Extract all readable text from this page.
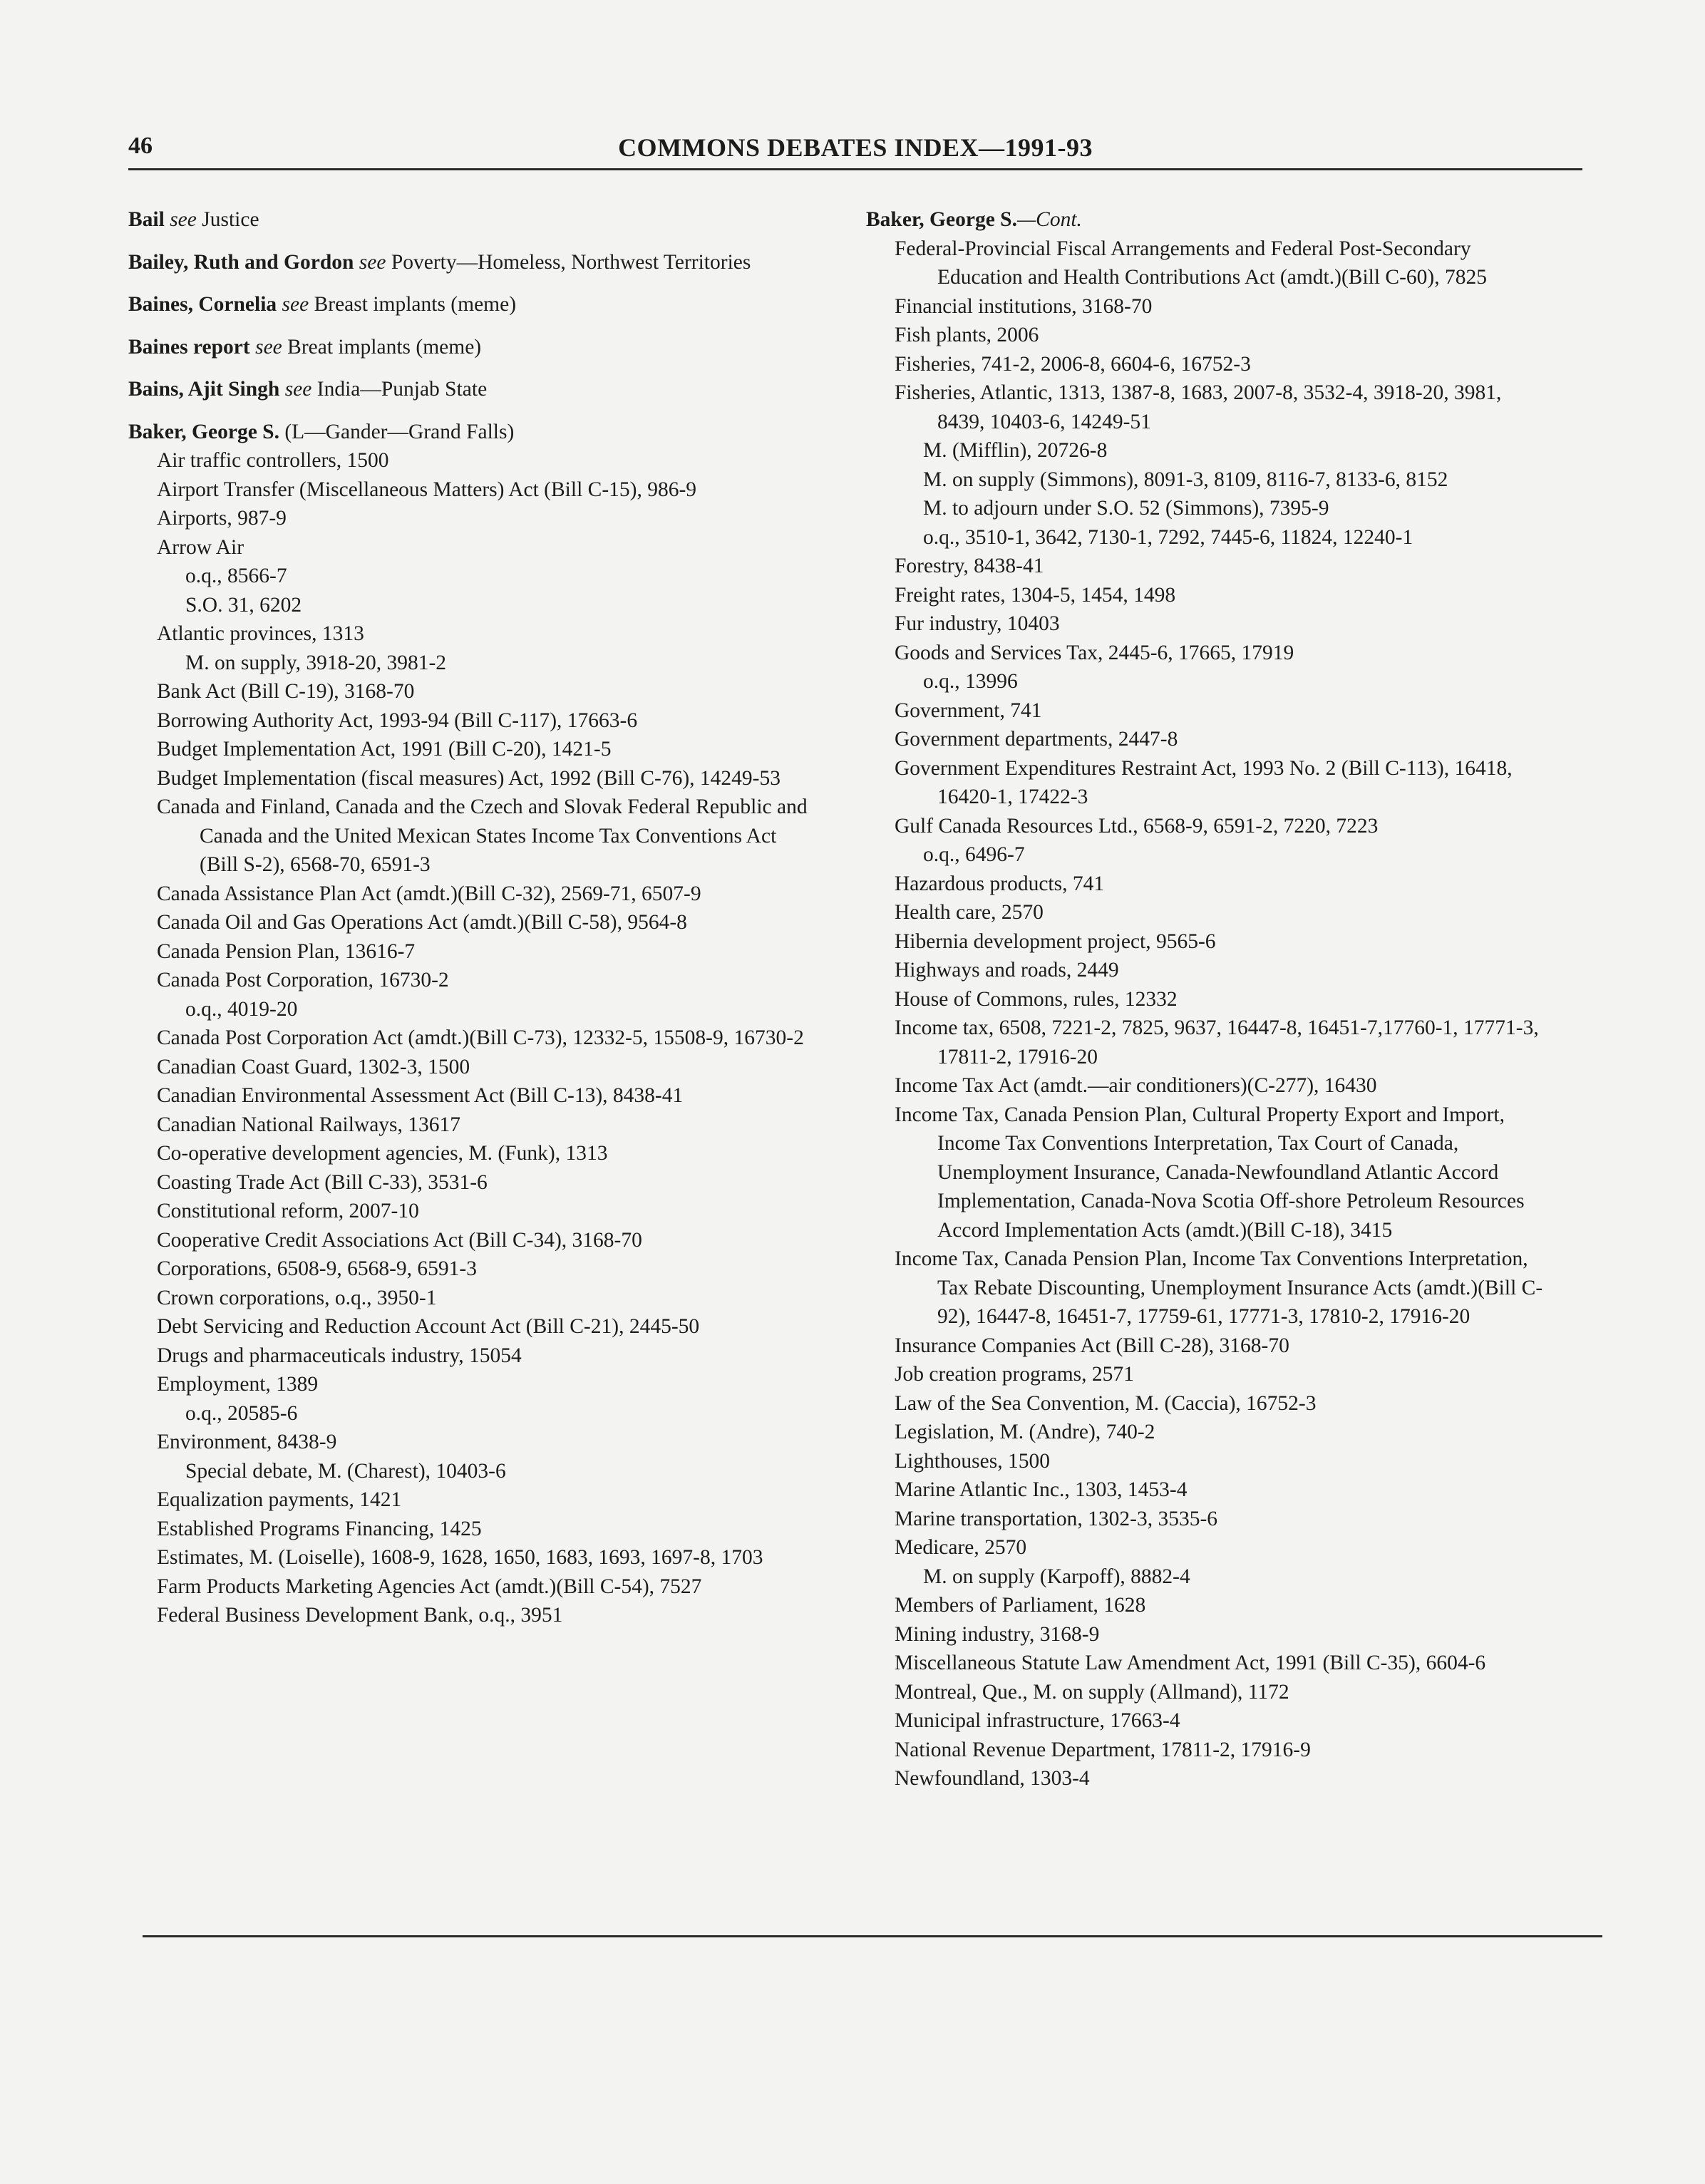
46	COMMONS DEBATES INDEX—1991-93

Bail see Justice

Bailey, Ruth and Gordon see Poverty—Homeless, Northwest Territories

Baines, Cornelia see Breast implants (meme)

Baines report see Breat implants (meme)

Bains, Ajit Singh see India—Punjab State

Baker, George S. (L—Gander—Grand Falls)

Air traffic controllers, 1500

Airport Transfer (Miscellaneous Matters) Act (Bill C-15), 986-9

Airports, 987-9

Arrow Air

o.q., 8566-7

S.O. 31, 6202

Atlantic provinces, 1313

M. on supply, 3918-20, 3981-2

Bank Act (Bill C-19), 3168-70

Borrowing Authority Act, 1993-94 (Bill C-117), 17663-6

Budget Implementation Act, 1991 (Bill C-20), 1421-5

Budget Implementation (fiscal measures) Act, 1992 (Bill C-76), 14249-53

Canada and Finland, Canada and the Czech and Slovak Federal Republic and Canada and the United Mexican States Income Tax Conventions Act (Bill S-2), 6568-70, 6591-3

Canada Assistance Plan Act (amdt.)(Bill C-32), 2569-71, 6507-9

Canada Oil and Gas Operations Act (amdt.)(Bill C-58), 9564-8

Canada Pension Plan, 13616-7

Canada Post Corporation, 16730-2

o.q., 4019-20

Canada Post Corporation Act (amdt.)(Bill C-73), 12332-5, 15508-9, 16730-2

Canadian Coast Guard, 1302-3, 1500

Canadian Environmental Assessment Act (Bill C-13), 8438-41

Canadian National Railways, 13617

Co-operative development agencies, M. (Funk), 1313

Coasting Trade Act (Bill C-33), 3531-6

Constitutional reform, 2007-10

Cooperative Credit Associations Act (Bill C-34), 3168-70

Corporations, 6508-9, 6568-9, 6591-3

Crown corporations, o.q., 3950-1

Debt Servicing and Reduction Account Act (Bill C-21), 2445-50

Drugs and pharmaceuticals industry, 15054

Employment, 1389

o.q., 20585-6

Environment, 8438-9

Special debate, M. (Charest), 10403-6

Equalization payments, 1421

Established Programs Financing, 1425

Estimates, M. (Loiselle), 1608-9, 1628, 1650, 1683, 1693, 1697-8, 1703

Farm Products Marketing Agencies Act (amdt.)(Bill C-54), 7527

Federal Business Development Bank, o.q., 3951

Baker, George S.—Cont.

Federal-Provincial Fiscal Arrangements and Federal Post-Secondary Education and Health Contributions Act (amdt.)(Bill C-60), 7825

Financial institutions, 3168-70

Fish plants, 2006

Fisheries, 741-2, 2006-8, 6604-6, 16752-3

Fisheries, Atlantic, 1313, 1387-8, 1683, 2007-8, 3532-4, 3918-20, 3981, 8439, 10403-6, 14249-51

M. (Mifflin), 20726-8

M. on supply (Simmons), 8091-3, 8109, 8116-7, 8133-6, 8152

M. to adjourn under S.O. 52 (Simmons), 7395-9

o.q., 3510-1, 3642, 7130-1, 7292, 7445-6, 11824, 12240-1

Forestry, 8438-41

Freight rates, 1304-5, 1454, 1498

Fur industry, 10403

Goods and Services Tax, 2445-6, 17665, 17919

o.q., 13996

Government, 741

Government departments, 2447-8

Government Expenditures Restraint Act, 1993 No. 2 (Bill C-113), 16418, 16420-1, 17422-3

Gulf Canada Resources Ltd., 6568-9, 6591-2, 7220, 7223

o.q., 6496-7

Hazardous products, 741

Health care, 2570

Hibernia development project, 9565-6

Highways and roads, 2449

House of Commons, rules, 12332

Income tax, 6508, 7221-2, 7825, 9637, 16447-8, 16451-7,17760-1, 17771-3, 17811-2, 17916-20

Income Tax Act (amdt.—air conditioners)(C-277), 16430

Income Tax, Canada Pension Plan, Cultural Property Export and Import, Income Tax Conventions Interpretation, Tax Court of Canada, Unemployment Insurance, Canada-Newfoundland Atlantic Accord Implementation, Canada-Nova Scotia Off-shore Petroleum Resources Accord Implementation Acts (amdt.)(Bill C-18), 3415

Income Tax, Canada Pension Plan, Income Tax Conventions Interpretation, Tax Rebate Discounting, Unemployment Insurance Acts (amdt.)(Bill C-92), 16447-8, 16451-7, 17759-61, 17771-3, 17810-2, 17916-20

Insurance Companies Act (Bill C-28), 3168-70

Job creation programs, 2571

Law of the Sea Convention, M. (Caccia), 16752-3

Legislation, M. (Andre), 740-2

Lighthouses, 1500

Marine Atlantic Inc., 1303, 1453-4

Marine transportation, 1302-3, 3535-6

Medicare, 2570

M. on supply (Karpoff), 8882-4

Members of Parliament, 1628

Mining industry, 3168-9

Miscellaneous Statute Law Amendment Act, 1991 (Bill C-35), 6604-6

Montreal, Que., M. on supply (Allmand), 1172

Municipal infrastructure, 17663-4

National Revenue Department, 17811-2, 17916-9

Newfoundland, 1303-4
